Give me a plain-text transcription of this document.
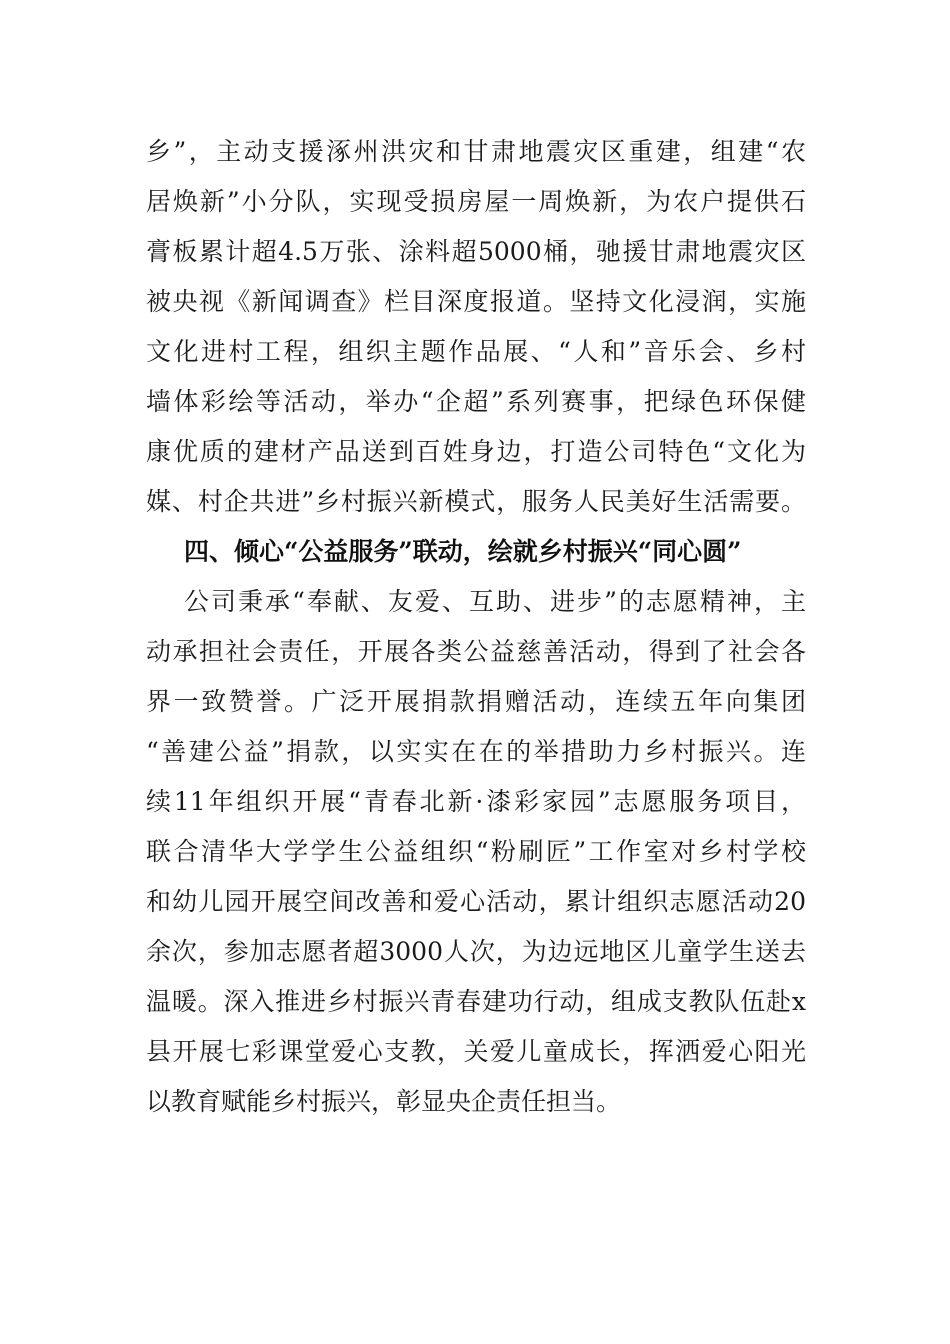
乡”，主动支援涿州洪灾和甘肃地震灾区重建，组建“农
居焕新”小分队，实现受损房屋一周焕新，为农户提供石
膏板累计超4.5万张、涂料超5000桶，驰援甘肃地震灾区
被央视《新闻调查》栏目深度报道。坚持文化浸润，实施
文化进村工程，组织主题作品展、“人和”音乐会、乡村
墙体彩绘等活动，举办“企超”系列赛事，把绿色环保健
康优质的建材产品送到百姓身边，打造公司特色“文化为
媒、村企共进”乡村振兴新模式，服务人民美好生活需要。
四、倾心“公益服务”联动，绘就乡村振兴“同心圆”
公司秉承“奉献、友爱、互助、进步”的志愿精神，主
动承担社会责任，开展各类公益慈善活动，得到了社会各
界一致赞誉。广泛开展捐款捐赠活动，连续五年向集团
“善建公益”捐款，以实实在在的举措助力乡村振兴。连
续11年组织开展“青春北新·漆彩家园”志愿服务项目，
联合清华大学学生公益组织“粉刷匠”工作室对乡村学校
和幼儿园开展空间改善和爱心活动，累计组织志愿活动20
余次，参加志愿者超3000人次，为边远地区儿童学生送去
温暖。深入推进乡村振兴青春建功行动，组成支教队伍赴x
县开展七彩课堂爱心支教，关爱儿童成长，挥洒爱心阳光
以教育赋能乡村振兴，彰显央企责任担当。
